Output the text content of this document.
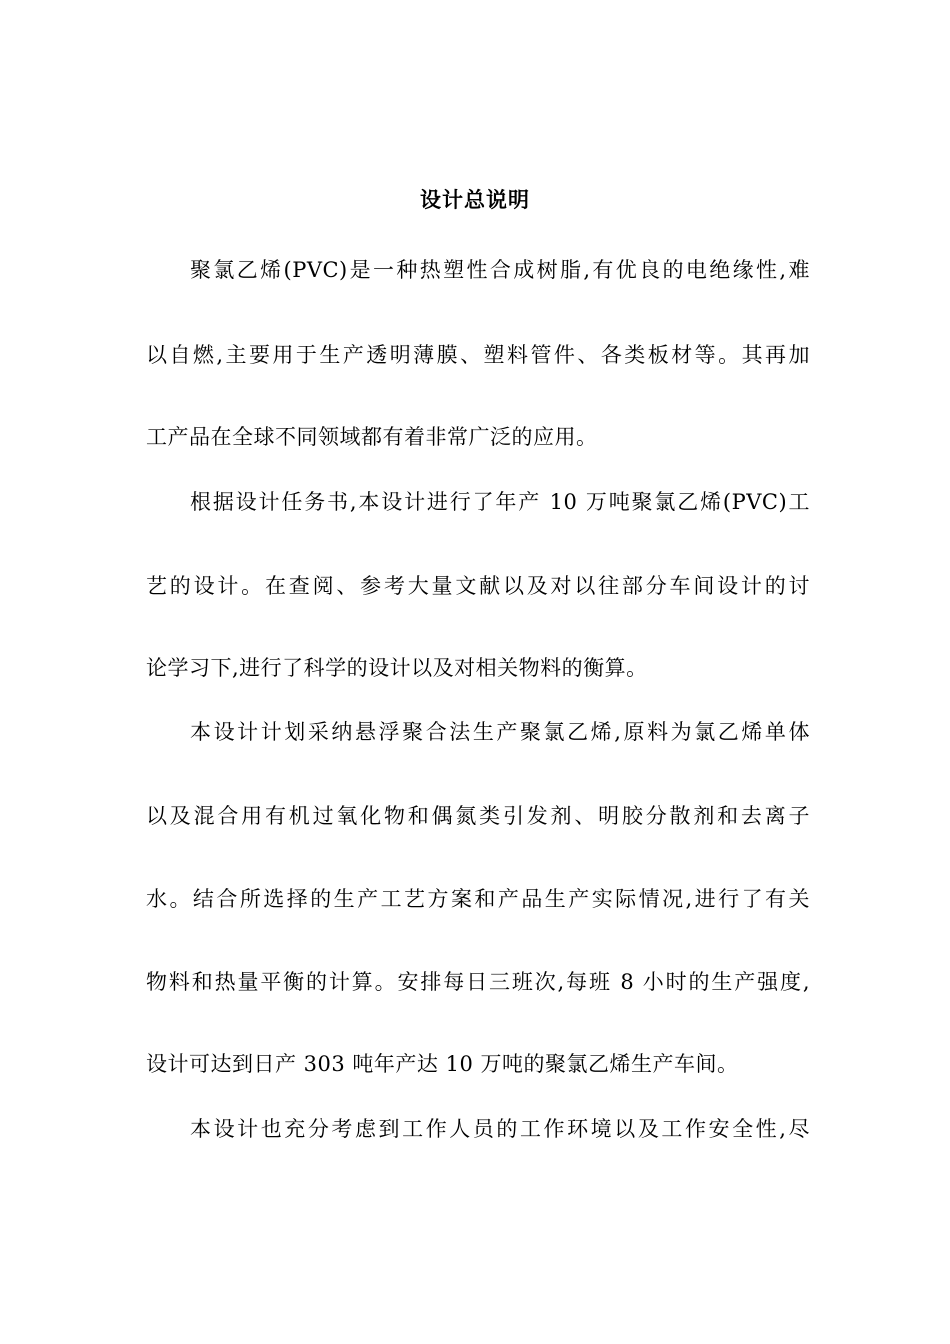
设计总说明
聚氯乙烯(PVC)是一种热塑性合成树脂,有优良的电绝缘性,难
以自燃,主要用于生产透明薄膜、塑料管件、各类板材等。其再加
工产品在全球不同领域都有着非常广泛的应用。
根据设计任务书,本设计进行了年产 10 万吨聚氯乙烯(PVC)工
艺的设计。在查阅、参考大量文献以及对以往部分车间设计的讨
论学习下,进行了科学的设计以及对相关物料的衡算。
本设计计划采纳悬浮聚合法生产聚氯乙烯,原料为氯乙烯单体
以及混合用有机过氧化物和偶氮类引发剂、明胶分散剂和去离子
水。结合所选择的生产工艺方案和产品生产实际情况,进行了有关
物料和热量平衡的计算。安排每日三班次,每班 8 小时的生产强度,
设计可达到日产 303 吨年产达 10 万吨的聚氯乙烯生产车间。
本设计也充分考虑到工作人员的工作环境以及工作安全性,尽
